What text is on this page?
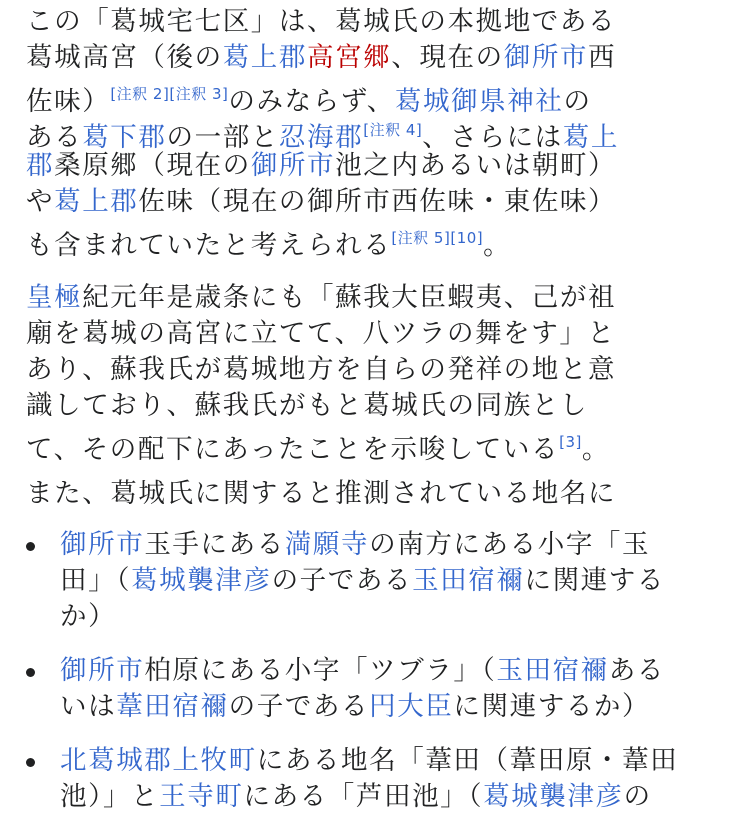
この「葛城宅七区」は、葛城氏の本拠地である
葛城高宮（後の葛上郡高宮郷、現在の御所市西
佐味）[注釈 2][注釈 3]のみならず、葛城御県神社の
ある葛下郡の一部と忍海郡[注釈 4]、さらには葛上
郡桑原郷（現在の御所市池之内あるいは朝町）
や葛上郡佐味（現在の御所市西佐味・東佐味）
も含まれていたと考えられる[注釈 5][10]。

皇極紀元年是歳条にも「蘇我大臣蝦夷、己が祖
廟を葛城の高宮に立てて、八ツラの舞をす」と
あり、蘇我氏が葛城地方を自らの発祥の地と意
識しており、蘇我氏がもと葛城氏の同族とし
て、その配下にあったことを示唆している[3]。

また、葛城氏に関すると推測されている地名に

御所市玉手にある満願寺の南方にある小字「玉
田」（葛城襲津彦の子である玉田宿禰に関連する
か）
御所市柏原にある小字「ツブラ」（玉田宿禰ある
いは葦田宿禰の子である円大臣に関連するか）
北葛城郡上牧町にある地名「葦田（葦田原・葦田
池）」と王寺町にある「芦田池」（葛城襲津彦の
